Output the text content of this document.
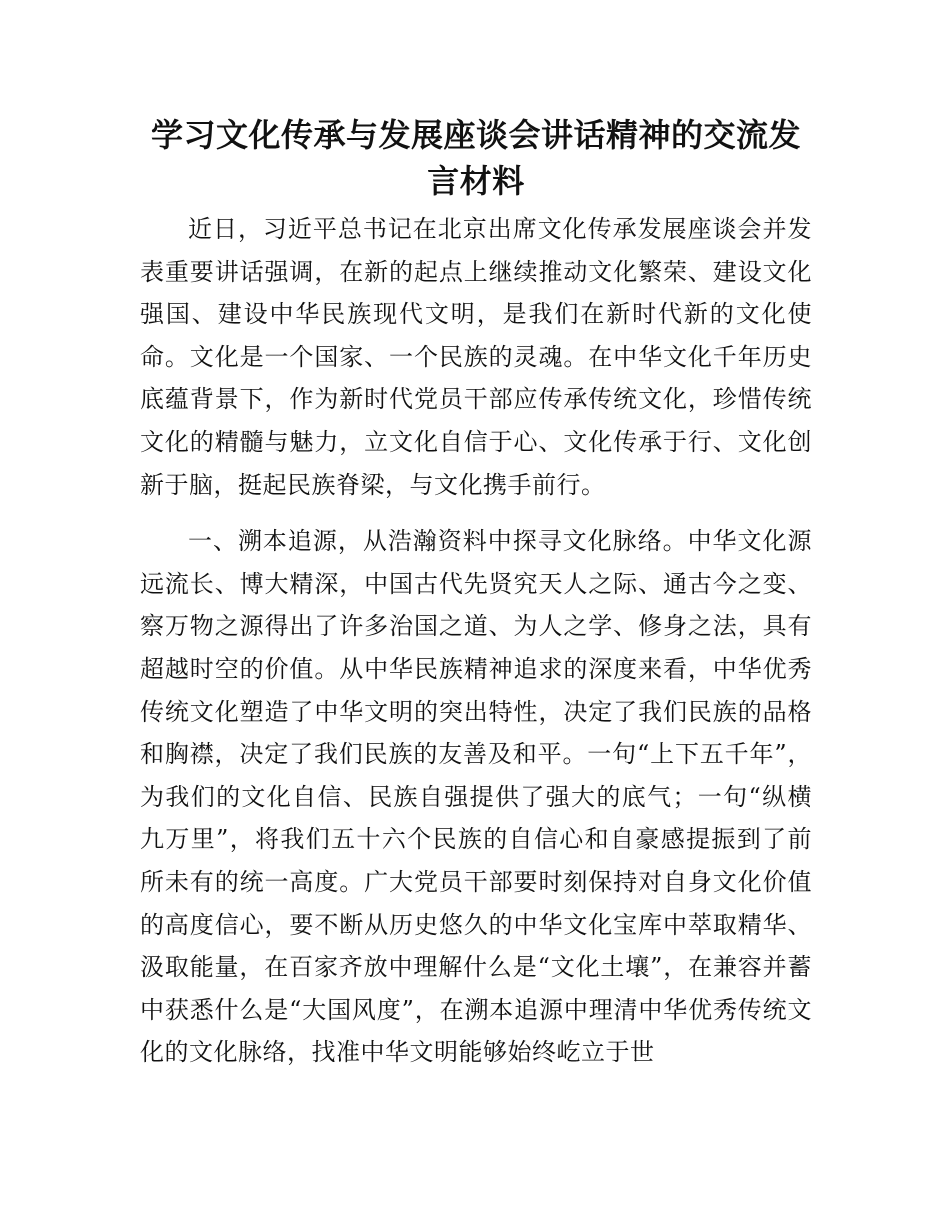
学习文化传承与发展座谈会讲话精神的交流发言材料

近日，习近平总书记在北京出席文化传承发展座谈会并发表重要讲话强调，在新的起点上继续推动文化繁荣、建设文化强国、建设中华民族现代文明，是我们在新时代新的文化使命。文化是一个国家、一个民族的灵魂。在中华文化千年历史底蕴背景下，作为新时代党员干部应传承传统文化，珍惜传统文化的精髓与魅力，立文化自信于心、文化传承于行、文化创新于脑，挺起民族脊梁，与文化携手前行。

一、溯本追源，从浩瀚资料中探寻文化脉络。中华文化源远流长、博大精深，中国古代先贤究天人之际、通古今之变、察万物之源得出了许多治国之道、为人之学、修身之法，具有超越时空的价值。从中华民族精神追求的深度来看，中华优秀传统文化塑造了中华文明的突出特性，决定了我们民族的品格和胸襟，决定了我们民族的友善及和平。一句“上下五千年”，为我们的文化自信、民族自强提供了强大的底气；一句“纵横九万里”，将我们五十六个民族的自信心和自豪感提振到了前所未有的统一高度。广大党员干部要时刻保持对自身文化价值的高度信心，要不断从历史悠久的中华文化宝库中萃取精华、汲取能量，在百家齐放中理解什么是“文化土壤”，在兼容并蓄中获悉什么是“大国风度”，在溯本追源中理清中华优秀传统文化的文化脉络，找准中华文明能够始终屹立于世
